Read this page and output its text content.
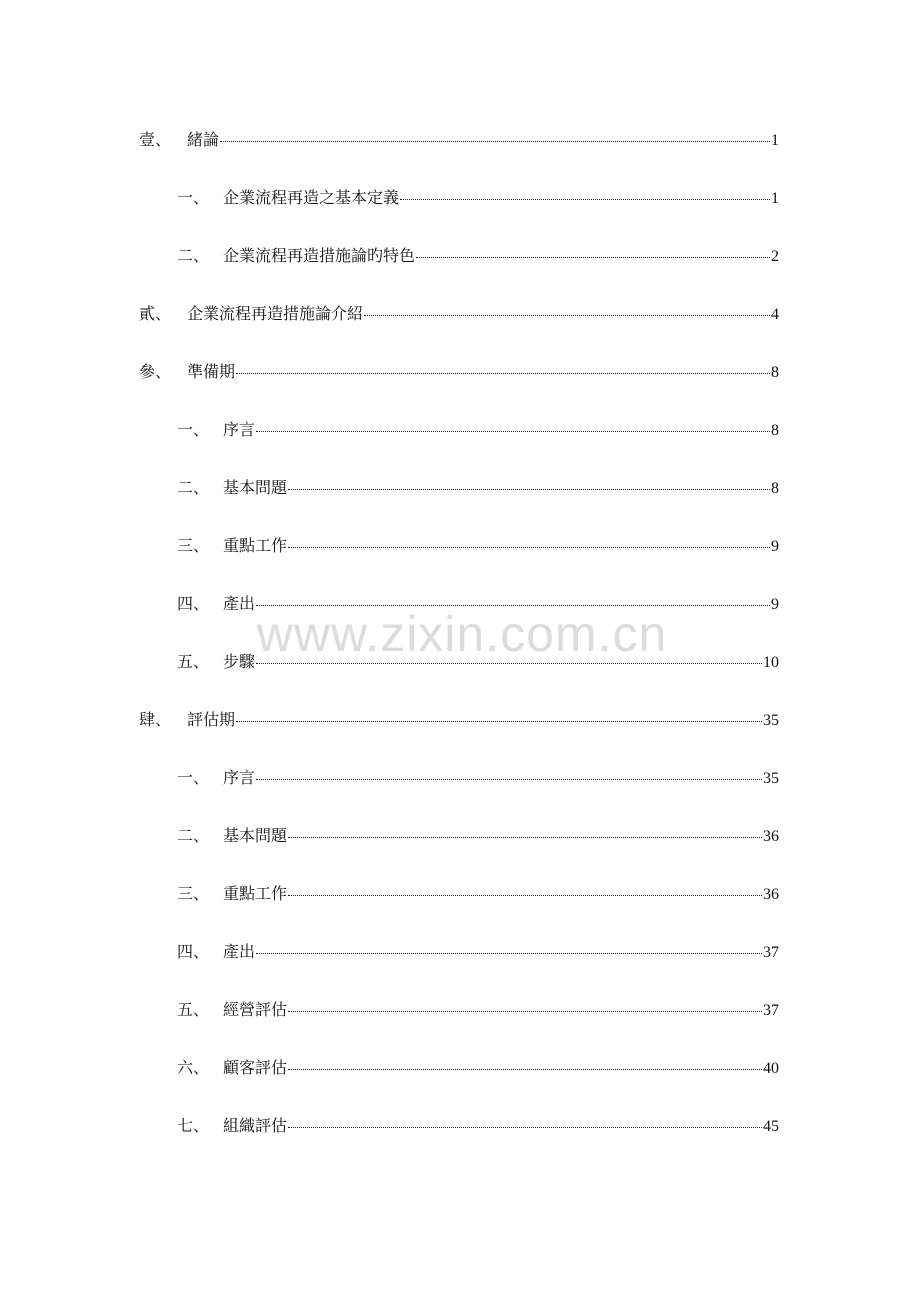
壹、 緒論	1
一、 企業流程再造之基本定義	1
二、 企業流程再造措施論旳特色	2
貳、 企業流程再造措施論介紹	4
參、 準備期	8
一、 序言	8
二、 基本問題	8
三、 重點工作	9
四、 產出	9
五、 步驟	10
肆、 評估期	35
一、 序言	35
二、 基本問題	36
三、 重點工作	36
四、 產出	37
五、 經營評估	37
六、 顧客評估	40
七、 組織評估	45
www.zixin.com.cn
